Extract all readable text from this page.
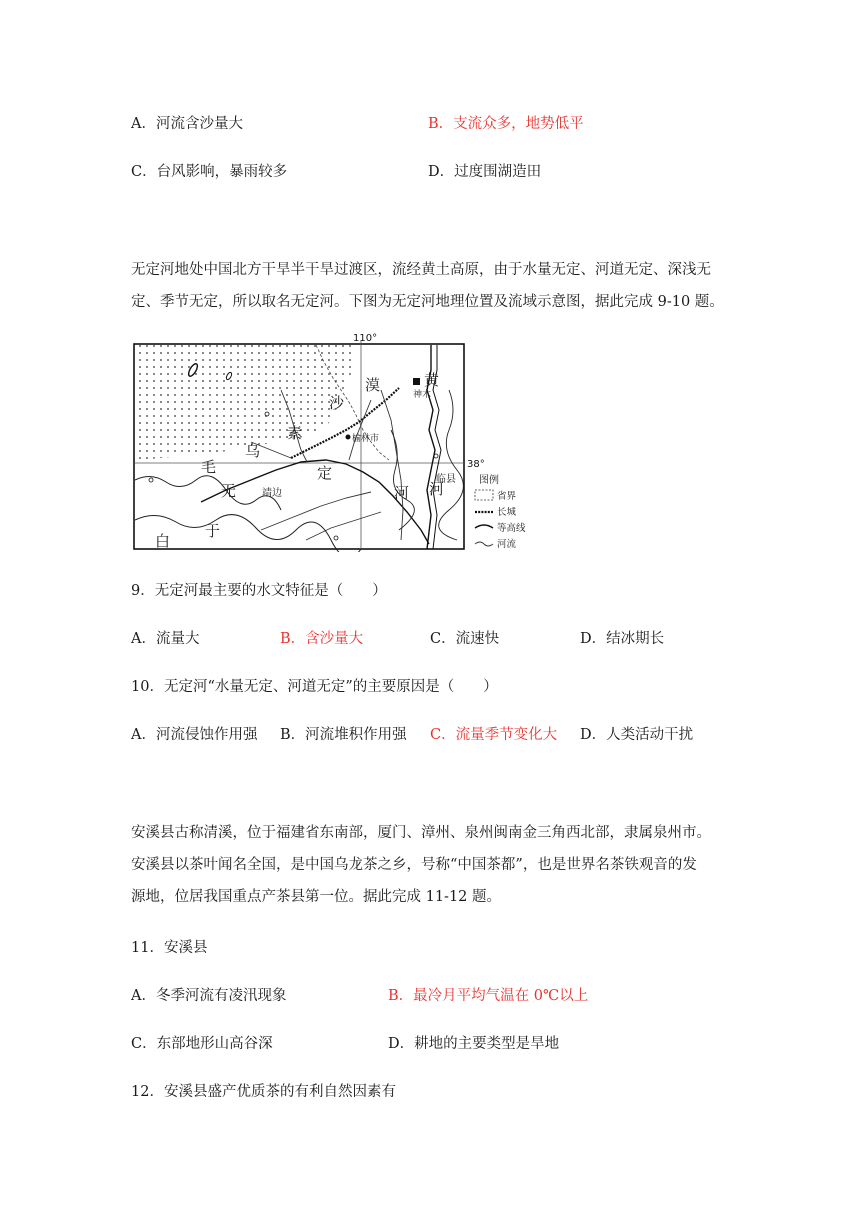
A．河流含沙量大	B．支流众多，地势低平
C．台风影响，暴雨较多	D．过度围湖造田
无定河地处中国北方干旱半干旱过渡区，流经黄土高原，由于水量无定、河道无定、深浅无
定、季节无定，所以取名无定河。下图为无定河地理位置及流域示意图，据此完成 9-10 题。
110°
38°
漠	黄
神木
沙
素	榆林市
乌
毛	定
无	靖边	河 河
临县
白
于
图例
省界
长城
等高线
河流
9．无定河最主要的水文特征是（　　）
A．流量大	B．含沙量大	C．流速快	D．结冰期长
10．无定河“水量无定、河道无定”的主要原因是（　　）
A．河流侵蚀作用强 B．河流堆积作用强 C．流量季节变化大 D．人类活动干扰
安溪县古称清溪，位于福建省东南部，厦门、漳州、泉州闽南金三角西北部，隶属泉州市。
安溪县以茶叶闻名全国，是中国乌龙茶之乡，号称“中国茶都”，也是世界名茶铁观音的发
源地，位居我国重点产茶县第一位。据此完成 11-12 题。
11．安溪县
A．冬季河流有凌汛现象	B．最冷月平均气温在 0℃以上
C．东部地形山高谷深	D．耕地的主要类型是旱地
12．安溪县盛产优质茶的有利自然因素有
